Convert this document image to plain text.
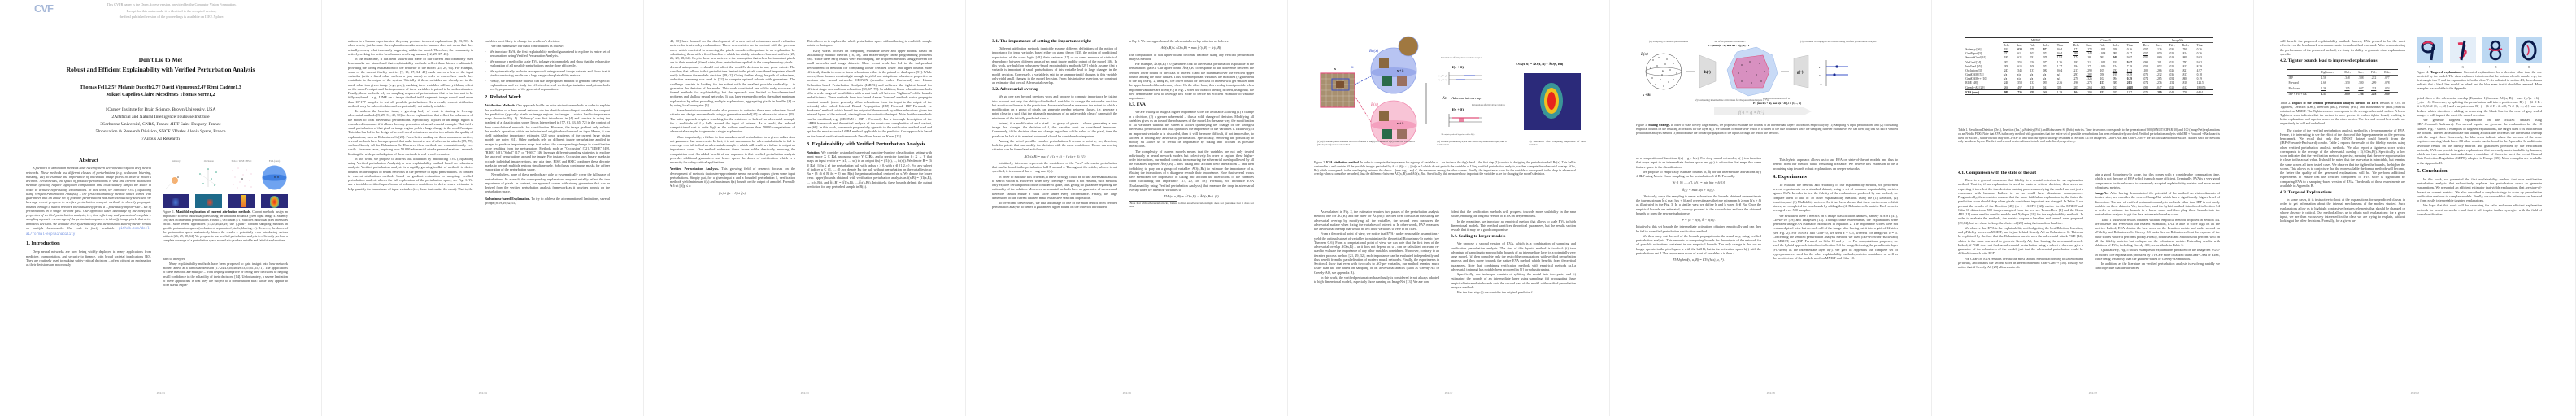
CVF	This CVPR paper is the Open Access version, provided by the Computer Vision Foundation.
Except for this watermark, it is identical to the accepted version;
the final published version of the proceedings is available on IEEE Xplore.
Don't Lie to Me!
Robust and Efficient Explainability with Verified Perturbation Analysis
Thomas Fel1,2,5† Melanie Ducoffe2,7† David Vigouroux2,4† Rémi Cadène1,3
Mikael Capelle6 Claire Nicodème5 Thomas Serre1,2
1Carney Institute for Brain Science, Brown University, USA
2Artificial and Natural Intelligence Toulouse Institute
3Sorbonne Université, CNRS, France 4IRT Saint-Exupery, France
5Innovation & Research Division, SNCF 6Thales Alenia Space, France
7Airbus AI Research
Abstract
A plethora of attribution methods have recently been developed to explain deep neural networks. These methods use different classes of perturbations (e.g, occlusion, blurring, masking, etc) to estimate the importance of individual image pixels to drive a model's decision. Nevertheless, the space of possible perturbations is vast and current attribution methods typically require significant computation time to accurately sample the space in order to achieve high-quality explanations. In this work, we introduce EVA (Explaining using Verified Perturbation Analysis) – the first explainability method which comes with guarantees that an entire set of possible perturbations has been exhaustively searched. We leverage recent progress in verified perturbation analysis methods to directly propagate bounds through a neural network to exhaustively probe a – potentially infinite-size – set of perturbations in a single forward pass. Our approach takes advantage of the beneficial properties of verified perturbation analysis, i.e., time efficiency and guaranteed complete – sampling agnostic – coverage of the perturbation space – to identify image pixels that drive a model's decision. We evaluate EVA systematically and demonstrate state-of-the-art results on multiple benchmarks. Our code is freely available: github.com/deel-ai/formal-explainability
1. Introduction
Deep neural networks are now being widely deployed in many applications from medicine, transportation, and security to finance, with broad societal implications [40]. They are routinely used to making safety-critical decisions – often without an explanation as their decisions are notoriously
Saliency	Occlusion	Sobol / RISE / HSIC	EVA (ours)
Figure 1. Manifold exploration of current attribution methods. Current methods assign an importance score to individual pixels using perturbations around a given input image x. Saliency [56] uses infinitesimal perturbations around x, Occlusion [71] switches individual pixel intensities on/off. More recent approaches [17,43,46,48,49] use (Quasi-) random sampling methods in specific perturbation spaces (occlusion of segments of pixels, blurring, ...). However, the choice of the perturbation space undoubtedly biases the results – potentially even introducing serious artifacts [26, 29, 38, 64]. We propose to use verified perturbation analysis to efficiently perform a complete coverage of a perturbation space around x to produce reliable and faithful explanations.
hard to interpret.
Many explainability methods have been proposed to gain insight into how network models arrive at a particular decision [17,24,43,46,48,49,53,55,61,65,71]. The applications of these methods are multiple – from helping to improve or debug their decisions to helping instill confidence in the reliability of their decisions [14]. Unfortunately, a severe limitation of these approaches is that they are subject to a confirmation bias: while they appear to offer useful expla-
16153
nations to a human experimenter, they may produce incorrect explanations [2, 23, 59]. In other words, just because the explanations make sense to humans does not mean that they actually convey what is actually happening within the model. Therefore, the community is actively seeking for better benchmarks involving humans [12, 29, 37, 45].
In the meantime, it has been shown that some of our current and commonly used benchmarks are biased and that explainability methods reflect these biases – ultimately providing the wrong explanation for the behavior of the model [25, 29, 64]. For example, some of the current fidelity metrics [7, 18, 27, 34, 48] mask one or a few of the input variables (with a fixed value such as a gray mask) in order to assess how much they contribute to the output of the system. Trivially, if these variables are already set to the mask value in a given image (e.g., gray), masking these variables will not yield any effect on the model's output and the importance of these variables is poised to be underestimated. Finally, these methods rely on sampling a space of perturbations that is far too vast to be fully explored – e.g., LIME on a image divided in 61 segments image would need more than 10^177 samples to test all possible perturbations. As a result, current attribution methods may be subject to bias and are potentially not entirely reliable.
To address the baseline issue, a growing body of work is starting to leverage adversarial methods [8, 29, 31, 42, 50] to derive explanations that reflect the robustness of the model to local adversarial perturbations. Specifically, a pixel or an image region is considered important if it allows the easy generation of an adversarial example. That is if a small perturbation of that pixel or image region yields a large change in the model's output. This idea has led to the design of several novel robustness metrics to evaluate the quality of explanations, such as Robustness-Sr [29]. For a better ranking on those robustness metrics, several methods have been proposed that make intensive use of adversarial attacks [29, 70], such as Greedy-AS for Robustness-Sr. However, these methods are computationally very costly – in some cases, requiring over 50 000 adversarial attacks per explanation – severely limiting the widespread adoption of these methods in real-world scenarios.
In this work, we propose to address this limitation by introducing EVA (Explaining using Verified perturbation Analysis), a new explainability method based on robustness analysis. Verified perturbation analysis is a rapidly growing toolkit of methods to derive bounds on the outputs of neural networks in the presence of input perturbations. In contrast to current attributions methods based on gradient estimation or sampling, verified perturbation analysis allows the full exploration of the perturbation space, see Fig. 1. We use a tractable certified upper bound of robustness confidence to derive a new estimator to help quantify the importance of input variables (i.e., those that matter the most). That is, the
variables most likely to change the predictor's decision.
We can summarize our main contributions as follows:
• We introduce EVA, the first explainability method guaranteed to explore its entire set of perturbations using Verified Perturbation Analysis.
• We propose a method to scale EVA to large vision models and show that the exhaustive exploration of all possible perturbations can be done efficiently.
• We systematically evaluate our approach using several image datasets and show that it yields convincing results on a large range of explainability metrics
• Finally, we demonstrate that we can use the proposed method to generate class-specific explanations, and we study the effects of several verified perturbation analysis methods as a hyperparameter of the generated explanations.
2. Related Work
Attribution Methods. Our approach builds on prior attribution methods in order to explain the prediction of a deep neural network via the identification of input variables that support the prediction (typically pixels or image regions for images – which lead to importance maps shown in Fig. 1). "Saliency" was first introduced in [4] and consists in using the gradient of a classification score. It was later refined in [57, 61, 63, 65, 72] in the context of deep convolutional networks for classification. However, the image gradient only reflects the model's operation within an infinitesimal neighborhood around an input.Hence, it can yield misleading importance estimates [22] since gradients of the current large vision models are noisy [61]. Other methods rely on different image perturbations applied to images to produce importance maps that reflect the corresponding change in classification score resulting from the perturbation. Methods such as "Occlusion" [72], "LIME" [49], "RISE" [48], "Sobol" [17] or "HSIC" [46] leverage different sampling strategies to explore the space of perturbations around the image. For instance, Occlusion uses binary masks to occlude individual image regions, one at a time. RISE and HSIC combines these discrete masks to perturb multiple regions simultaneously. Sobol uses continuous masks for a finer exploration of the perturbation space.
Nevertheless, none of these methods are able to systematically cover the full space of perturbations. As a result, the corresponding explanations may not reliably reflect the true importance of pixels. In contrast, our approach comes with strong guarantees that can be derived from the verified perturbation analysis framework as it provides bounds on the perturbation space.
Robustness-based Explanation. To try to address the aforementioned limitations, several groups [8,19,29,32,33,
16154
42, 60] have focused on the development of a new set of robustness-based evaluation metrics for trustworthy explanations. These new metrics are in contrast with the previous ones, which consisted in removing the pixels considered important in an explanation by substituting them with a fixed baseline – which inevitably introduces bias and artifacts [25, 26, 29, 38, 64]. Key to these new metrics is the assumption that when the important pixels are in their nominal (fixed) state, then perturbations applied to the complementary pixels – deemed unimportant – should not affect the model's decision to any great extent. The corollary that follows is that perturbations limited to the pixels considered important should easily influence the model's decision [29,42]. Going further along the path of robustness, abductive reasoning was used in [32] to compute optimal subsets with guarantees. The challenge consists in looking for the subset with the smallest possible cardinality – to guarantee the decision of the model. This work constituted one of the early successes of formal methods for explainability, but the approach was limited to low-dimensional problems and shallow neural networks. It was later extended to relax the subset minimum explanation by either providing multiple explanations, aggregating pixels in bundles [6] or by using local surrogates [9].
Some heuristics-oriented works also propose to optimize these new robustness based criteria and design new methods using a generative model [47] or adversarial attacks [29]. The latter approach requires searching for the existence or lack of an adversarial example for a multitude of ℓp balls around the input of interest. As a result, the induced computational cost is quite high as the authors used more than 50000 computations of adversarial examples to generate a single explanation.
More importantly, a failure to find an adversarial perturbation for a given radius does not guarantee that none exists. In fact, it is not uncommon for adversarial attacks to fail to converge – or fail to find an adversarial example – which will result in a failure to output an importance score. Our method addresses these issues while drastically reducing the computation cost. An added benefit of our approach is that verified perturbation analysis provides additional guarantees and hence opens the doors of certification which is a necessity for safety-critical applications.
Verified Perturbation Analysis. This growing field of research focuses on the development of methods that outer-approximate neural network outputs given some input perturbations. Simply put, for a given input x and a bounded perturbation δ, verification methods yield minimum f(x) and maximum f̄(x) bounds on the output of a model. Formally ∀ δ s.t ||δ||p ≤ ε:
f(x) ≤ f(x + δ) ≤ f̄(x).
This allows us to explore the whole perturbation space without having to explicitly sample points in that space.
Early works focused on computing reachable lower and upper bounds based on satisfiability modulo theories [16, 36], and mixed-integer linear programming problems [66]. While these early results were encouraging, the proposed methods struggled even for small networks and image datasets. More recent work has led to the independent development of methods for computing looser certified lower and upper bounds more efficiently thanks to convex linear relaxations either in the primal or dual space [51]. While looser, those bounds remain tight enough to yield non-ubiquitous robustness properties on medium size neural networks. CROWN (hereafter called Backward) uses Linear Relaxation-based Perturbation Analysis (LiRPA) and achieves the tightest bound for efficient single neuron linear relaxation [58, 67, 73]. In addition, linear relaxation methods offer a wide range of possibilities with a vast trade-off between "tightness" of the bounds and efficiency. These methods form two broad classes: 'forward' methods which propagate constant bounds (more generally affine relaxations from the input to the output of the network) also called Interval Bound Propagation (IBP, Forward, IBP+Forward) vs. 'backward' methods which bound the output of the network by affine relaxations given the internal layers of the network, starting from the output to the input. Note that these methods can be combined, e.g. (CROWN + IBP + Forward). For a thorough description of the LiRPA framework and theoretical analysis of the worst-case complexities of each variant, see [68]. In this work, we remain purposefully agnostic to the verification method used and opt for the most accurate LiRPA method applicable to the predictor. Our approach is based on the formal verification framework DecoMon, based on Keras [15].
3. Explainability with Verified Perturbation Analysis
Notation. We consider a standard supervised machine-learning classification setting with input space X ⊆ ℝd, an output space Y ⊆ ℝc, and a predictor function f : X → Y that maps an input vector x = (x1, ..., xd) to an output f(x) = (f1(x), ..., fc(x)). We denote B = {δ ∈ ℝd : ||δ||p ≤ ε} the perturbation ball with radius ε > 0, with p ∈ {1,2,∞}. For any subset of indices u ⊆ {1, ..., d}, we denote Bu the ball without perturbation on the variables in u: Bu = {δ : δ ∈ B, δu = 0} and B(x) the perturbation ball centered on x. We denote the lower (resp. upper) bounds obtained with verification perturbation analysis as f(x,B) = (f1(x,B), ..., fc(x,B)), and f̄(x,B) = (f̄1(x,B), ..., f̄c(x,B)). Intuitively, these bounds delimit the output prediction for any perturbed sample in B(x).
16155
3.1. The importance of setting the importance right
Different attribution methods implicitly assume different definitions of the notion of importance for input variables based either on game theory [43], the notion of conditional expectation of the score logits [48], their variance [17] or on some measure of statistical dependency between different areas of an input image and the output of the model [46]. In this work, we build on robustness-based explainability methods [29] which assume that a variable is important if small perturbations of this variable lead to large changes in the model decision. Conversely, a variable is said to be unimportant if changes to this variable only yield small changes in the model decision. From this intuitive assertion, we construct an estimator that we call Adversarial overlap.
3.2. Adversarial overlap
We go one step beyond previous work and propose to compute importance by taking into account not only the ability of individual variables to change the network's decision but also its confidence in the prediction. Adversarial overlap measures the extent to which a modification on a group of pixels can generate overlap between classes, i.e. generate a point close to x such that the attainable maximum of an unfavorable class c' can match the minimum of the initially predicted class c.
Indeed, if a modification of a pixel – or group of pixels – allows generating a new image that changes the decision of f, this variable must be considered important. Conversely, if the decision does not change regardless of the value of the pixel, then the pixel can be left at its nominal value and should be considered unimportant.
Among the set of possible variable perturbations δ around a point x, we, therefore, look for points that can modify the decision with the most confidence. Hence our scoring criterion can be formulated as follows:
AOc(x,B) = max f_c'(x + δ) − f_c(x + δ). (1)
Intuitively, this score represents the confidence of the "best" adversarial perturbation that can be found in the perturbation ball B around x. Throughout the article, when c is not specified, it is assumed that c = arg max f(x).
In order to estimate this criterion, a naive strategy could be to use adversarial attacks to search within B. However, when they converge - which is not ensured, such methods only explore certain points of the considered space, thus giving no guarantee regarding the optimality of the solution. Moreover, adversarial methods have no guarantee of success and therefore cannot ensure a valid score under every circumstance. Finally, the large dimensions of the current datasets make exhaustive searches impossible.
To overcome these issues, we take advantage of one of the main results from verified perturbation analysis to derive a guaranteed upper bound on the criterion introduced
in Eq. 1. We can upper bound the adversarial overlap criterion as follows:
AO(x,B) ≤ ĀO(x,B) = max f̄c'(x,B) − fc(x,B).
The computation of this upper bound becomes tractable using any verified perturbation analysis method.
For example, ĀO(x,B) ≤ 0 guarantees that no adversarial perturbation is possible in the perturbation space.1 Our upper bound ĀO(x,B) corresponds to the difference between the verified lower bound of the class of interest c and the maximum over the verified upper bounds among the other classes. Thus, when important variables are modified (e.g the head of the dog in Fig. 2, using B), the lower bound for the class of interest will get smaller than the upper bound of the adversary class. On the other hand, this overlap is not possible when important variables are fixed (e.g in Fig. 2 when the head of the dog is fixed, using Bu). We now demonstrate how to leverage this score to derive an efficient estimator of variable importance.
3.3. EVA
We are willing to assign a higher importance score for a variable allowing (1) a change in a decision, (2) a greater adversarial – thus a solid change of decision. Modifying all variables gives us an idea of the robustness of the model. In the same way, the modification of all variables without the subset u allows quantifying the change of the strongest adversarial perturbation and thus quantifies the importance of the variables u. Intuitively, if an important variable u is discarded, then it will be more difficult, if not impossible, to succeed in finding any adversarial perturbation. Specifically, removing the possibility to modify xu allows us to reveal its importance by taking into account its possible interactions.
The complexity of current models means that the variables are not only treated individually in neural network models but collectively. In order to capture these higher-order interactions, our method consists in measuring the adversarial overlap allowed by all the variables together ĀO(x,B) – thus taking into account their interactions – and then forbidding to play on a group of variables ĀO(x,Bu) to estimate the importance of u. Making the interactions of u disappear reveals their importance. Note that several works have mentioned the importance of taking into account the interactions of the variables when calculating the importance [17, 20, 30, 48]. Formally, we introduce EVA (Explainability using Verified perturbation Analysis) that measure the drop in adversarial overlap when we fixed the variables u:
EVA(x, u, B) = ĀO(x,B) − ĀO(x,Bu). (2)
1Note that with adversarial attacks, failure to find an adversarial example does not guarantee that it does not exist.
16156
x	u
Bu(x)
x + δ
B(x)
x + δ
Perturbations affecting all the variables except u
f(x + δ)
c (e.g. 'Dog')
c' (e.g. 'Cat')
ĀO = Adversarial overlap
f(x + δ)
Perturbations affecting all the variables
All outputs produced by points within B(x)
EVA(x, u) = ĀO(x, B) − ĀO(x, Bu)
(1) B(x) are the points around x in a ball of radius ε. Bu(x) is a subset of B(x) where the variables u (the dog head) are left untouched
(2) Without perturbating u, we can't reach any adversarial input, thus u is important
(3) Attribution after computing importance of each variables
Figure 2. EVA attribution method. In order to compute the importance for a group of variables u – for instance the dog's head – the first step (1) consists in designing the perturbation ball Bu(x). This ball is centered in x and contain all the possible images perturbed by δ s.t ||δ||p ≤ ε, ||δu||p = 0 which do not perturb the variables u. Using verified perturbation analysis, we then compute the adversarial overlap ĀO(x, Bu) which corresponds to the overlapping between the class c – here dog – and c', the maximum among the other classes. Finally, the importance score for the variable u corresponds to the drop in adversarial overlap when u cannot be perturbed, thus the difference between ĀO(x, B) and ĀO(x, Bu). Specifically, this measures how important the variables u are for changing the model's decision.
As explained in Fig. 2, the estimator requires two passes of the perturbation analysis method; one for ĀO(B), and the other for ĀO(Bu): the first term consists in measuring the adversarial overlap by modifying all the variables, the second term measures the adversarial surface when fixing the variables of interest u. In other words, EVA measures the adversarial overlap that would be left if the variables u were to be fixed.
From a theoretical point of view, we notice that EVA - under reasonable assumptions - yield the optimal subset of variables to minimize the theoretical Robustness-Sr metric (see Theorem C.6). From a computational point of view, we can note that the first term of the adversarial overlap ĀO(x,B) – as it does not depend on u – can be calculated once and re-used to evaluate the importance of any other variables considered. Moreover, contrary to an iterative process method [21, 29, 32], each importance can be evaluated independently and thus benefit from the parallelization of modern neural networks. Finally, the experiments in Section 4 show that even with two calls to ĀO per variables, our method remains much faster than the one based on sampling or on adversarial attacks (such as Greedy-AS or Greedy-AO, see appendix B).
In this work, the verified perturbation-based analysis considered is not always adapted to high dimensional models, especially those running on ImageNet [13]. We are con-
fident that the verification methods will progress towards more scalability in the near future, enabling the original version of EVA on deeper models.
In the meantime, we introduce an empirical method that allows to scale EVA to high dimensional models. This method sacrifices theoretical guarantees, but the results section reveals that it may be a good compromise.
3.4. Scaling to larger models
We propose a second version of EVA, which is a combination of sampling and verification perturbation analysis. The aim of this hybrid method is twofold: (i) take advantage of sampling to approach the bounds of an intermediate layer in a potentially very large model, (ii) then complete only the rest of the propagations with verified perturbation analysis and thus move towards the native EVA method which benefits from theoretical guarantees. Note that, combining verification methods with empirical methods (a.k.a adversarial training) has notably been proposed in [5] for robust training.
Specifically, our technique consists of splitting the model into two parts, and (i) estimating the bounds of an intermediate layer using sampling, (ii) propagating these empirical intermediate bounds onto the second part of the model with verified perturbation analysis methods.
For the first step (i) we consider the original predictor f
16157
(1) Sampling N random perturbations	Set of all possible activations :
H = [min h(x + δ), max h(x + δ)], ||δ|| < ε
(3) Continue to propagate the bounds using verified perturbation analysis
B(x)
x
x + δi
h(·)	g(·)
c
c'
...
(2) Computing intermediate activations for the perturbated inputs x + δi
Empirical estimation of H :
P = [min h(x + δi), max h(x + δi)], i ∈ {1, ..., N}
f(·) = g ∘ h(·)
Figure 3. Scaling strategy. In order to scale to very large models, we propose to estimate the bounds of an intermediate layer's activations empirically by (1) Sampling N input perturbations and (2) calculating empirical bounds on the resulting activations for the layer h(·). We can then form the set P which is a subset of the true bounds H since the sampling is never exhaustive. We can then plug this set into a verified perturbation analysis method (3) and continue the forward propagation of the inputs through the rest of the network.
as a composition of functions f(x) = g ∘ h(x). For deep neural networks, h(·) is a function that maps input to an intermediate feature space and g(·) is a function that maps this same feature space to the classification.
We propose to empirically estimate bounds (h, h̄) for the intermediate activations h(·) ∈ ℝd' using Monte-Carlo sampling on the perturbation δ ∈ B. Formally:
∀j ∈ [0, ..., d'], h[j] = min h(x + δi)[j]
h̄[j] = max h(x + δi)[j].
Obviously, since the sampling is never exhaustive, the bounds obtained underestimate the true maximum h̄ ≤ max h(x + δ) and overestimates the true minimum h ≥ min h(x + δ) as illustrated in the Fig. 3. In a similar way, we define h and h̄ when δ ∈ Bu. Once the empirical bounds are estimated, we may proceed to the second step and use the obtained bounds to form the new perturbation set
P = [h − h(x), h̄ − h(x)].
Intuitively, this set bounds the intermediate activations obtained empirically and can then be fed to a verified perturbation verification method.
We then carry out the end of the bounds propagation in the usual way, using verified perturbation analysis. This amounts to computing bounds for the outputs of the network for all possible activations contained in our empirical bounds. The only change is that we no longer operate in the pixel space x with the ball B, but in the activation space h(·) with the perturbations set P. The importance score of a set of variables u is then :
EVAhybrid(x, u, B) = EVA(h(x), u, P).
This hybrid approach allows us to use EVA on state-of-the-art models and thus to benefit from our method while remaining tractable. We believe this extension to be a promising step towards robust explanations on deeper networks.
4. Experiments
To evaluate the benefits and reliability of our explainability method, we performed several experiments on a standard dataset, using a set of common explainability metrics against EVA. In order to test the fidelity of the explanations produced by our method, we compare them to that of 10 other explainability methods using the (1) Deletion, (2) Insertion, and (3) MuFidelity metrics. As it has been shown that these metrics can exhibit biases, we completed the benchmark by adding the (4) Robustness-Sr metric. Each score is averaged over 500 samples.
We evaluated these 4 metrics on 3 image classification datasets, namely MNIST [41], CIFAR-10 [39] and ImageNet [13]. Through these experiments, the explanations were generated using EVA estimator introduced in Equation 2. The importance scores were not evaluated pixel-wise but on each cell of the image after having cut it into a grid of 12 sides (see Fig. 2). For MNIST and Cifar-10, we used ε = 0.5, whereas for ImageNet ε = 5. Concerning the verified perturbation analysis method, we used (IBP+Forward+Backward) for MNIST, and (IBP+Forward) on Cifar-10 and p = ∞. For computational purposes, we used the hybrid approach introduce in Section 3.4 for ImageNet using the penultimate layer (FC-4096) as the intermediate layer h(·). We give in Appendix the complete set of hyperparameters used for the other explainability methods, metrics considered as well as the architecture of the models used on MNIST and Cifar-10.
16158
	MNIST		Cifar-10		ImageNet
	Del.↓	Ins.↑	Fid.↑	Rob.↓	Time		Del.↓	Ins.↑	Fid.↑	Rob.↓	Time		Del.↓	Ins.↑	Fid.↑	Rob.↓	Time
Saliency [56]	.193	.633	.378	.071	0.04		.171	.172	-.021	.026	0.16		.057	.126	.035	.769	0.36
GradInput [3]	.222	.611	.107	.074	0.04		.200	.143	-.018	.095	0.17		.057	.050	.023	.814	0.36
SmoothGrad [61]	.185	.621	.331	.070	1.91		.174	.181	.092	.048	9.07		.051	.069	.019	.809	9.63
VarGrad [34]	.207	.555	.216	.077	1.76		.183	.211	-.012	.193	9.07		.098	.201	.021	.787	9.62
InteGrad [65]	.209	.615	.108	.074	1.77		.194	.171	-.016	.154	7.19		.058	.052	.023	.813	8.39
Occlusion [3]	.247	.545	.137	.082	0.04		.217	.290	.105	.232	1.13		.100	.266	.026	.821	4.97
GradCAM [53]	n/a	n/a	n/a	n/a	n/a		.297	.282	.056	.195	0.39		.073	.232	.036	.817	0.18
GradCAM++ [10]	n/a	n/a	n/a	n/a	n/a		.270	.326	.102	.094	0.39		.074	.285	.054	.800	0.19
RISE [48]	.248	.558	.133	.093	2.26		.196	.273	.157	.385	20.5		.074	.276	.154	.818	121.5
Greedy-AS [29]	.260	.497	.110	.041	335		.205	.264	-.003	.013	4618		.088	.047	.023	.612	180056
EVA (ours)	.089	.736	.428	.069	1.29		.164	.290	.352	.025	12.7		.070	.289	.048	.758	6454
Table 1. Results on Deletion (Del.), Insertion (Ins.), μFidelity (Fid.) and Robustness-Sr (Rob.) metrics. Time in seconds corresponds to the generation of 500 (MNIST/CIFAR-10) and 100 (ImageNet) explanations on an Nvidia P100. Note that EVA is the only method with guarantees that the entire set of possible perturbations has been exhaustively searched. Verified perturbation analysis with IBP + Forward + Backward is used for MNIST, with Forward only for CIFAR-10 and with our hybrid strategy described in Section 3.4 for ImageNet. Grad-CAM and Grad-CAM++ are not calculated on the MNIST dataset since the network only has dense layers. The first and second best results are in bold and underlined, respectively.
4.1. Comparison with the state of the art
There is a general consensus that fidelity is a crucial criterion for an explanation method. That is, if an explanation is used to make a critical decision, then users are expecting it to reflect the true decision-making process underlying the model and not just a consensus with humans. Failure to do so could have disastrous consequences. Pragmatically, these metrics assume that the more faithful an explanation is, the faster the prediction score should drop when pixels considered important are changed. In Table 1, we present the results of the Deletion [48] (or 1 − AOPC [52]) metric for the MNIST and Cifar-10 datasets on 500 images sampled from the test set. TensorFlow [1] and the Keras API [11] were used to run the models and Xplique [18] for the explainability methods. In order to evaluate the methods, the metrics require a baseline and several were proposed [29,64], but we chose to keep the choice of [29] using their random baseline.
We observe that EVA is the explainability method getting the best Deletion, Insertion, and μFidelity scores on MNIST, and is just behind Greedy-AS on Robustness-Sr. This can be explained by the fact that the Robustness metric uses the adversarial attack PGD [44], which is the same one used to generate Greedy-AS, thus biasing the adversarial search. Indeed, if PGD does not find an adversarial perturbation using a subset u does not give a guarantee of the robustness of the model, just that the adversarial perturbation could be difficult to reach with PGD.
For Cifar-10, EVA remains overall the most faithful method according to Deletion and μFidelity, and obtains the second score in Insertion behind Grad-Cam++ [10]. Finally, we notice that if Greedy-AS [29] allows us to ob-
tain a good Robustness-Sr score, but this comes with a considerable computation time, which is not the case of EVA which is much more efficient. Eventually, EVA is a very good compromise for its relevance to commonly accepted explainability metrics and more recent robustness metrics.
ImageNet After having demonstrated the potential of the method on vision datasets of limited size, we consider the case of ImageNet which has a significantly higher level of dimension. The use of verified perturbation analysis methods other than IBP is not easily scalable on these datasets. We, therefore, used the hybrid method introduced in Section 3.4 in order to estimate the bounds in a latent space and then plug those bounds into the perturbation analysis to get the final adversarial overlap score.
Table 1 shows the results obtained with the empirical method proposed in Section 3.4. We observe that even with this relaxed estimation, EVA is able to score high on all the metrics. Indeed, EVA obtains the best score on the Insertion metric and ranks second on μFidelity and Robustness-Sr. Greedy-AS ranks first on Robustness-Sr at the expense of the other scores where it performs poorly. Finally, both RISE and SmoothGrad perform well on all the fidelity metrics but collapse on the robustness metric. Extending results with ablations of EVA, including Greedy-AO, are available in Table 3.
Qualitatively, Fig. 5 shows examples of explanations produced on the ImageNet VGG-16 model. The explanations produced by EVA are more localized than Grad-CAM or RISE, while being less noisy than the gradient-based or Greedy-AS methods.
In addition, as the literature on verified perturbation analysis is evolving rapidly we can conjecture that the advances
16159
will benefit the proposed explainability method. Indeed, EVA proved to be the most effective on the benchmark when an accurate formal method was used. After demonstrating the performance of the proposed method, we study its ability to generate class explanations specific.
4.2. Tighter bounds lead to improved explanations
	Tightness↓	Del.↓	Ins.↑	Fid.↑	Rob.↓
IBP	4.58	.348	.588	.222	.077
Forward	2.66	.350	.580	.209	.078
Backward	2.36	.115	.607	.274	.074
IBP + Fo. + Ba.	1.55	.089	.736	.428	.069
Table 2. Impact of the verified perturbation analysis method on EVA. Results of EVA on Tightness, Deletion (Del.), Insertion (Ins.), Fidelity (Fid.) and Robustness-Sr (Rob.) metrics obtained on MNIST. The Tightness score corresponds to the average adversarial surface. A lower Tightness score indicates that the method is more precise: it reaches tighter bound, resulting in better explanations and superior scores on the other metrics. The first and second best results are respectively in bold and underlined.
The choice of the verified perturbation analysis method is a hyperparameter of EVA. Hence, it is interesting to see the effect of the choice of this hyperparameter on the previous benchmark. We recall that only the MNIST dataset could benefit from the (IBP+Forward+Backward) combo. Table 2 reports the results of the fidelity metrics using other verified perturbation analysis methods. We also report a tightness score which corresponds to the average of the adversarial overlap : E(ĀO(x,B)). Specifically, a low score indicates that the verification method is precise, meaning that the over-approximation is closer to the actual value. It should be noted that the true value is intractable, but remains the same across all three tested cases. We observe that the tighter the bounds, the higher the scores. This allows us to conjecture that the more scalable the formal methods will become, the better the quality of the generated explanations will be. We perform additional experiments to ensure that the certified component of EVA score is significant by comparing EVA to a sampling-based version of EVA. The details of those experiments are available in Appendix B.
4.3. Targeted Explanations
In some cases, it is instructive to look at the explanations for unpredicted classes in order to get information about the internal mechanisms of the models studied. Such explanations allow us to highlight contrastive features: elements that should be changed or whose absence is critical. Our method allows us to obtain such explanations: for a given input, we are then exclusively interested in the class we are trying to explain, without looking at the other decisions. Formally, for a given tar-
9	3	8	8
Figure 4. Targeted explanations. Generated explanations for a decision other than the one predicted by the model. The class explained is indicated at the bottom of each sample, e.g., the first sample is a '4' and the explanation is for the class '9'. As indicated in section 4.3, the red areas indicate that a black line should be added and the blue areas that it should be removed. More examples are available in the Appendix.
geted class c' the adversarial overlap (Equation 1) become AO(x, B) = max f_c'(x + δ) − f_c(x + δ). Moreover, by splitting the perturbation ball into a positive one B(+) = {δ ∈ B : δi ≥ 0, ∀i ∈ {1, ..., d}} and a negative one B(−) = {δ ∈ B : δi ≤ 0, ∀i ∈ {1, ..., d}}, one can deduce which direction – adding or removing the black line in the case of gray-scaled images – will impact the most the model decision.
We generate targeted explanations on the MNIST dataset using (IBP+Forward+Backward). For several inputs, we generate the explanation for the 10 classes. Fig. 7 shows 4 examples of targeted explanations, the target class c' is indicated at the bottom. The red areas indicate that adding a black line increases the adversarial overlap with the target class. Conversely, the blue areas indicate where the increase of the score requires removing black lines. All other results can be found in the Appendix. In addition to favorable results on the fidelity metrics and guarantees provided by the verification methods, EVA can provide targeted explanations that are easily understandable by humans, which are two qualities that make them a candidate of choice to meet the recent General Data Protection Regulation (GDPR) adopted in Europe [35]. More examples are available in the Appendix H.
5. Conclusion
In this work, we presented the first explainability method that uses verification perturbation analysis that exhaustively explores the perturbation space to generate explanations. We presented an efficient estimator that yields explanations that are state-of-the-art on current metrics. We also described a simple strategy to scale up perturbation verification methods to complex models. Finally, we showed that this estimator can be used to form easily interpretable targeted explanations.
We hope that this work will for searching for safer and more efficient explanation methods for neural networks – and that it will inspire further synergies with the field of formal verification.
16160
